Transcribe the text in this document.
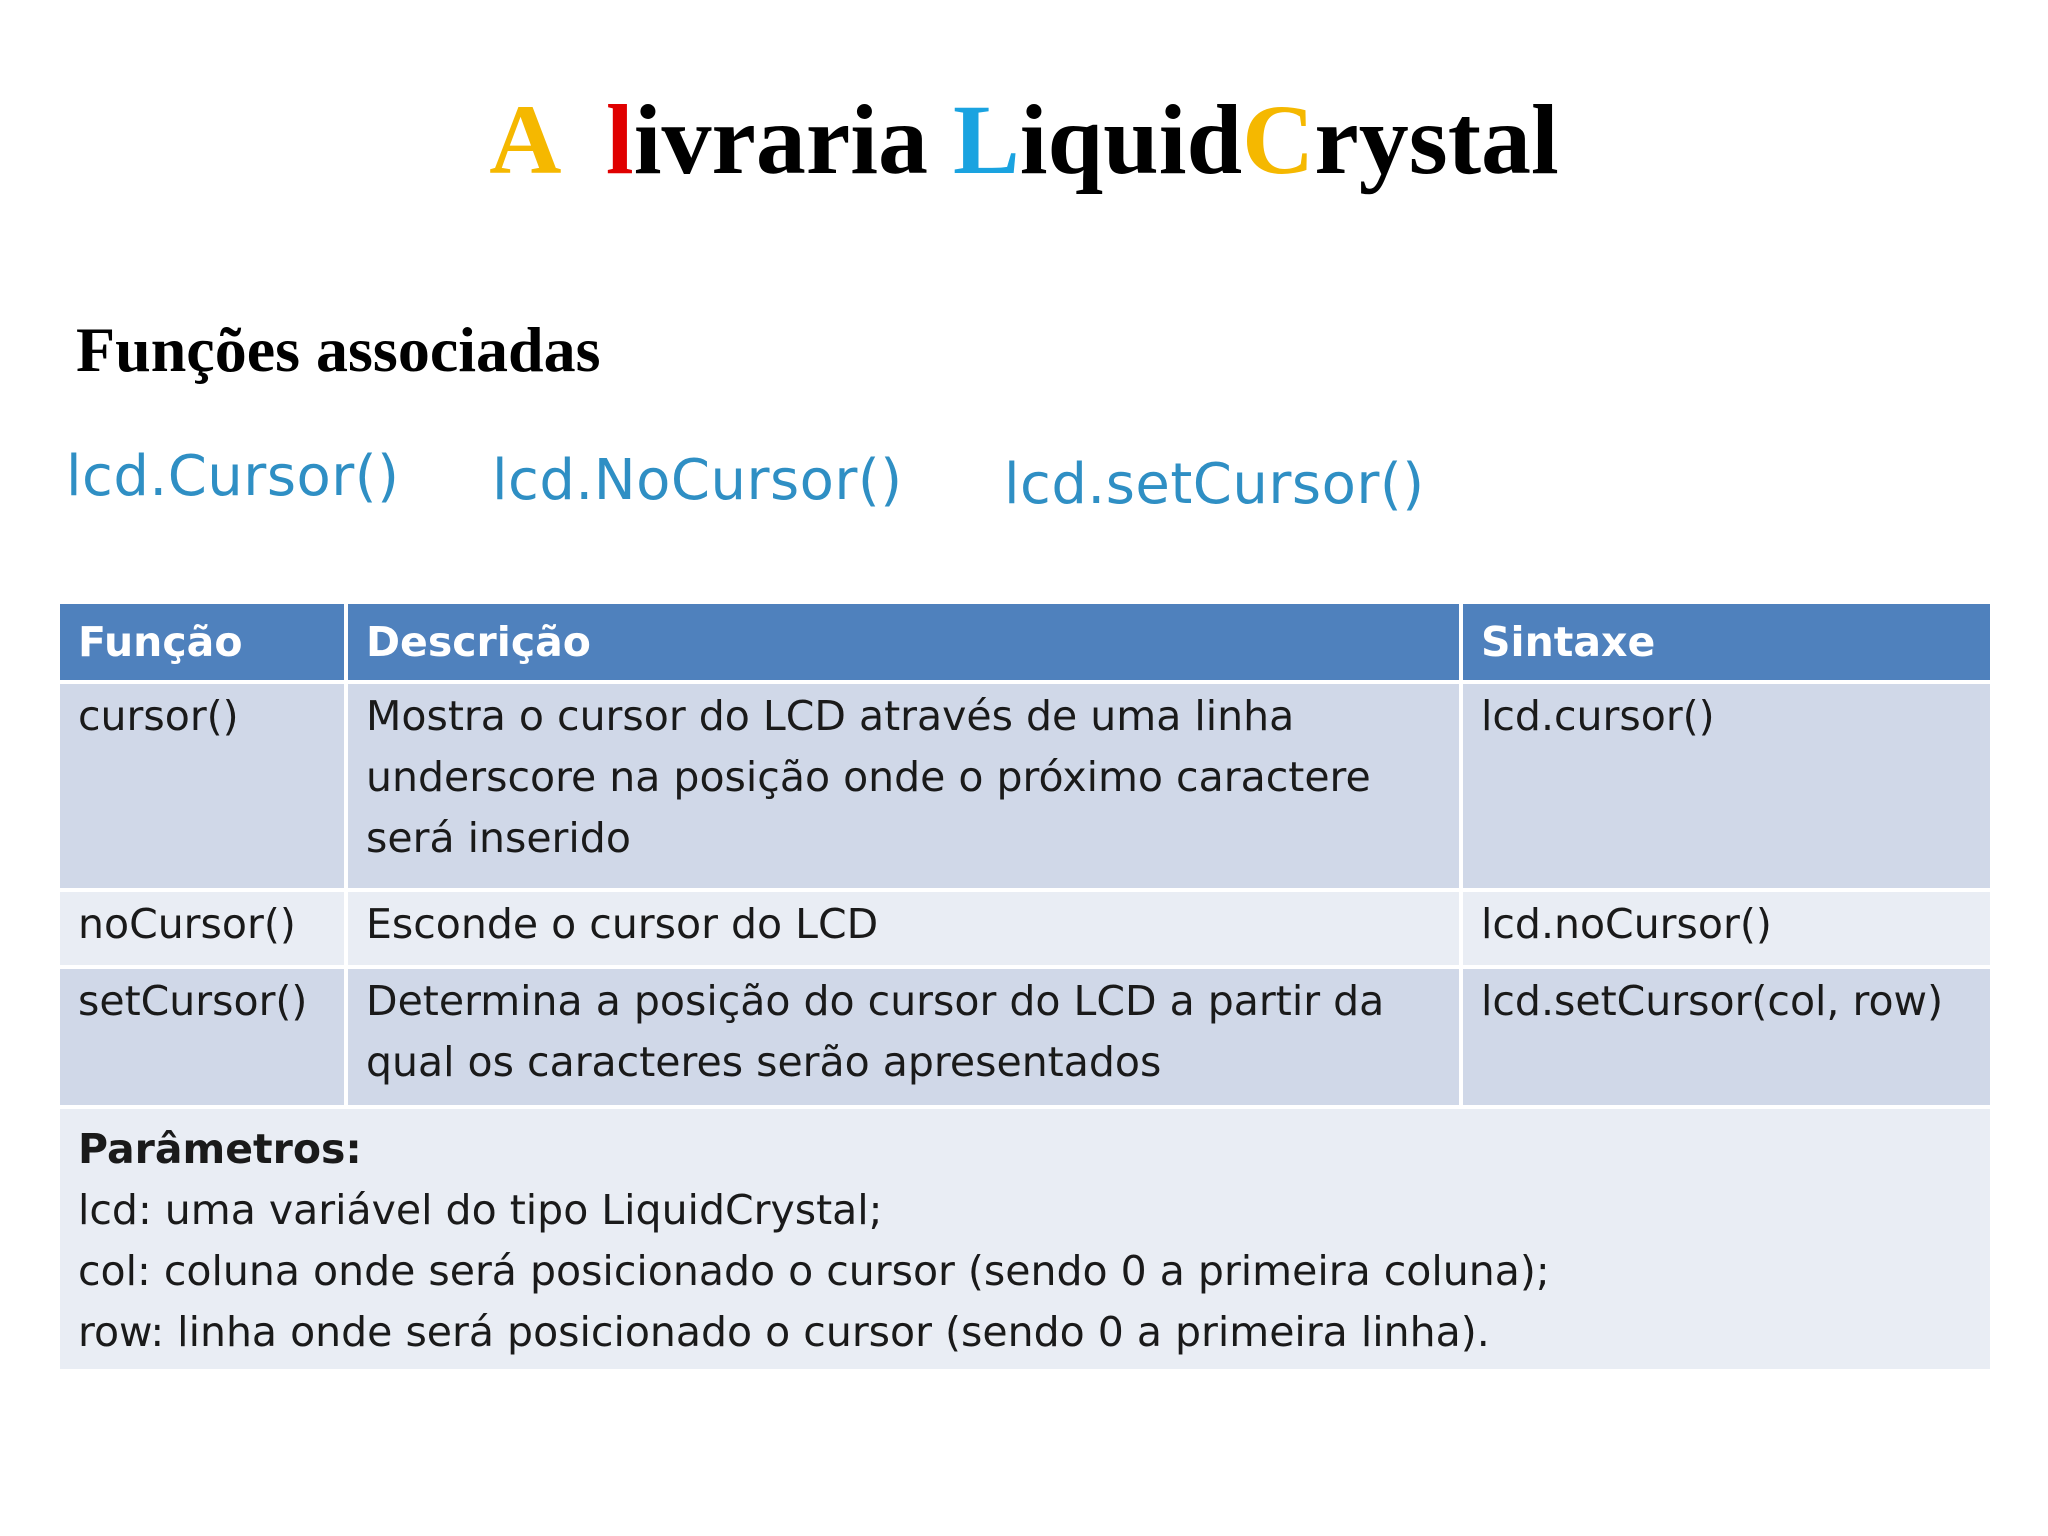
A livraria LiquidCrystal
Funções associadas
lcd.Cursor() lcd.NoCursor() lcd.setCursor()
Função	Descrição	Sintaxe
cursor()	Mostra o cursor do LCD através de uma linha underscore na posição onde o próximo caractere será inserido	lcd.cursor()
noCursor()	Esconde o cursor do LCD	lcd.noCursor()
setCursor()	Determina a posição do cursor do LCD a partir da qual os caracteres serão apresentados	lcd.setCursor(col, row)

Parâmetros:
lcd: uma variável do tipo LiquidCrystal;
col: coluna onde será posicionado o cursor (sendo 0 a primeira coluna);
row: linha onde será posicionado o cursor (sendo 0 a primeira linha).		
